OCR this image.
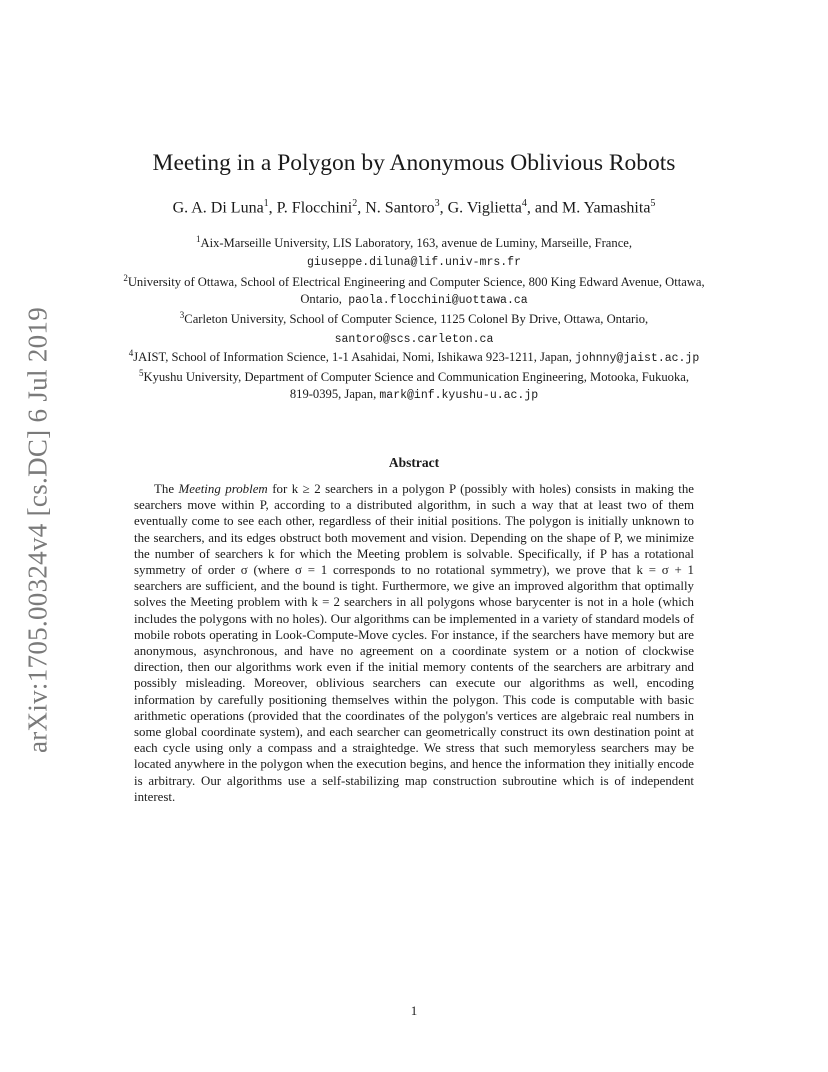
arXiv:1705.00324v4 [cs.DC] 6 Jul 2019
Meeting in a Polygon by Anonymous Oblivious Robots
G. A. Di Luna$^1$, P. Flocchini$^2$, N. Santoro$^3$, G. Viglietta$^4$, and M. Yamashita$^5$
$^1$Aix-Marseille University, LIS Laboratory, 163, avenue de Luminy, Marseille, France,
giuseppe.diluna@lif.univ-mrs.fr
$^2$University of Ottawa, School of Electrical Engineering and Computer Science, 800 King Edward Avenue, Ottawa,
Ontario, paola.flocchini@uottawa.ca
$^3$Carleton University, School of Computer Science, 1125 Colonel By Drive, Ottawa, Ontario,
santoro@scs.carleton.ca
$^4$JAIST, School of Information Science, 1-1 Asahidai, Nomi, Ishikawa 923-1211, Japan, johnny@jaist.ac.jp
$^5$Kyushu University, Department of Computer Science and Communication Engineering, Motooka, Fukuoka,
819-0395, Japan, mark@inf.kyushu-u.ac.jp
Abstract

The Meeting problem for k ≥ 2 searchers in a polygon P (possibly with holes) consists in making the searchers move within P, according to a distributed algorithm, in such a way that at least two of them eventually come to see each other, regardless of their initial positions. The polygon is initially unknown to the searchers, and its edges obstruct both movement and vision. Depending on the shape of P, we minimize the number of searchers k for which the Meeting problem is solvable. Specifically, if P has a rotational symmetry of order σ (where σ = 1 corresponds to no rotational symmetry), we prove that k = σ + 1 searchers are sufficient, and the bound is tight. Furthermore, we give an improved algorithm that optimally solves the Meeting problem with k = 2 searchers in all polygons whose barycenter is not in a hole (which includes the polygons with no holes). Our algorithms can be implemented in a variety of standard models of mobile robots operating in Look-Compute-Move cycles. For instance, if the searchers have memory but are anonymous, asynchronous, and have no agreement on a coordinate system or a notion of clockwise direction, then our algorithms work even if the initial memory contents of the searchers are arbitrary and possibly misleading. Moreover, oblivious searchers can execute our algorithms as well, encoding information by carefully positioning themselves within the polygon. This code is computable with basic arithmetic operations (provided that the coordinates of the polygon's vertices are algebraic real numbers in some global coordinate system), and each searcher can geometrically construct its own destination point at each cycle using only a compass and a straightedge. We stress that such memoryless searchers may be located anywhere in the polygon when the execution begins, and hence the information they initially encode is arbitrary. Our algorithms use a self-stabilizing map construction subroutine which is of independent interest.

1
